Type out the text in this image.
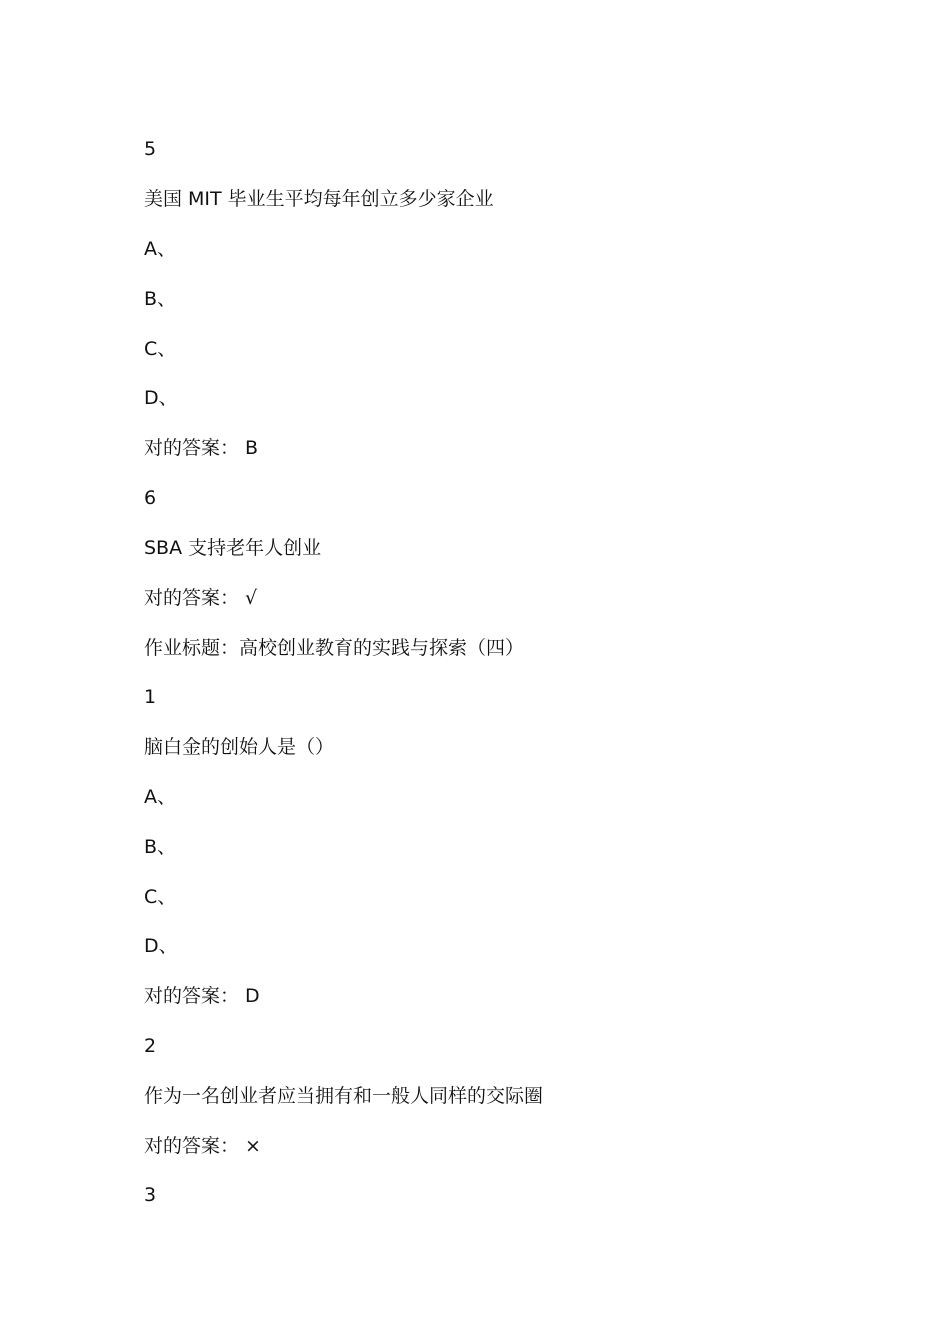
5
美国 MIT 毕业生平均每年创立多少家企业
A、
B、
C、
D、
对的答案： B
6
SBA 支持老年人创业
对的答案： √
作业标题：高校创业教育的实践与探索（四）
1
脑白金的创始人是（）
A、
B、
C、
D、
对的答案： D
2
作为一名创业者应当拥有和一般人同样的交际圈
对的答案： ×
3
